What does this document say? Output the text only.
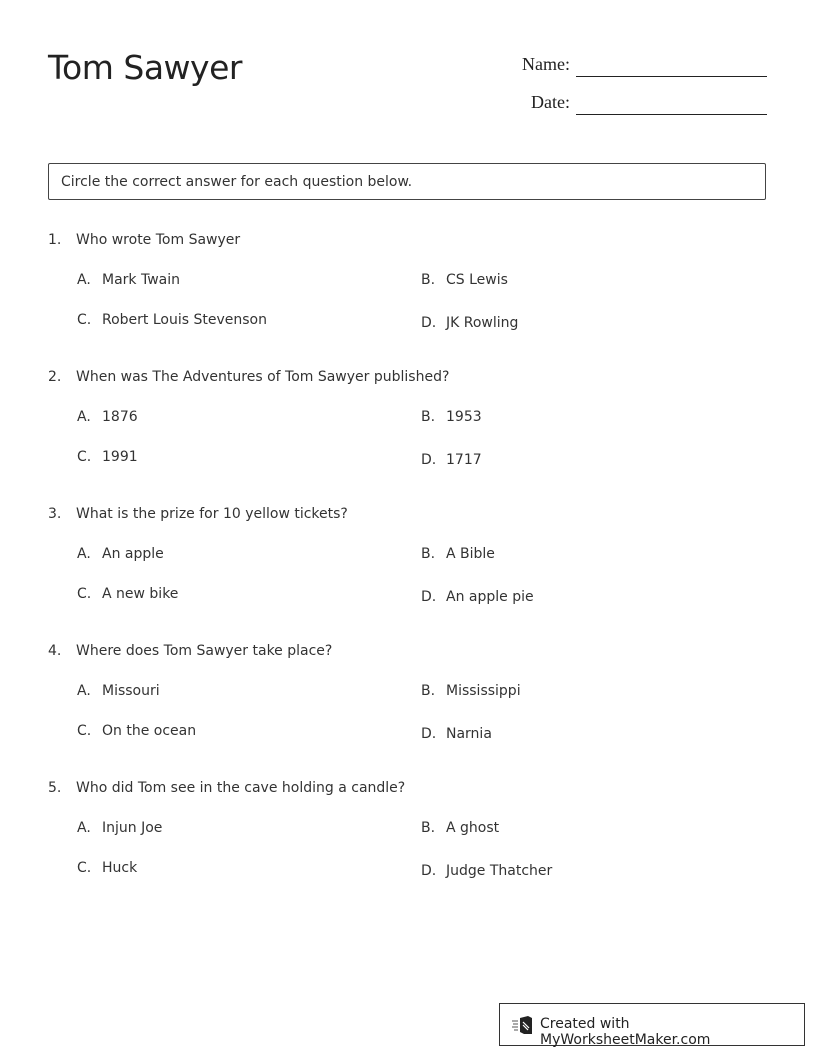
Tom Sawyer	Name:
Date:
Circle the correct answer for each question below.
1. Who wrote Tom Sawyer
A. Mark Twain	B. CS Lewis
C. Robert Louis Stevenson	D. JK Rowling
2. When was The Adventures of Tom Sawyer published?
A. 1876	B. 1953
C. 1991	D. 1717
3. What is the prize for 10 yellow tickets?
A. An apple	B. A Bible
C. A new bike	D. An apple pie
4. Where does Tom Sawyer take place?
A. Missouri	B. Mississippi
C. On the ocean	D. Narnia
5. Who did Tom see in the cave holding a candle?
A. Injun Joe	B. A ghost
C. Huck	D. Judge Thatcher
Created with MyWorksheetMaker.com
